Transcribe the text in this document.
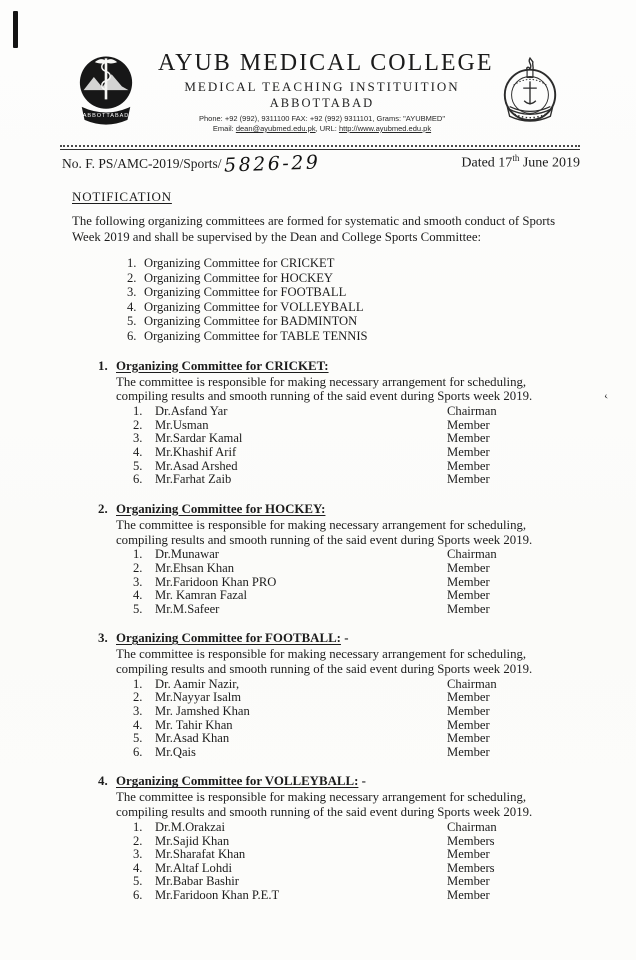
‹
ABBOTTABAD
AYUB MEDICAL COLLEGE
MEDICAL TEACHING INSTITUITION
ABBOTTABAD
Phone: +92 (992), 9311100 FAX: +92 (992) 9311101, Grams: "AYUBMED"
Email: dean@ayubmed.edu.pk, URL: http://www.ayubmed.edu.pk
No. F. PS/AMC-2019/Sports/ 5826-29	Dated 17th June 2019
NOTIFICATION
The following organizing committees are formed for systematic and smooth conduct of Sports Week 2019 and shall be supervised by the Dean and College Sports Committee:
1. Organizing Committee for CRICKET
2. Organizing Committee for HOCKEY
3. Organizing Committee for FOOTBALL
4. Organizing Committee for VOLLEYBALL
5. Organizing Committee for BADMINTON
6. Organizing Committee for TABLE TENNIS
1. Organizing Committee for CRICKET:
The committee is responsible for making necessary arrangement for scheduling, compiling results and smooth running of the said event during Sports week 2019.
1. Dr.Asfand Yar	Chairman
2. Mr.Usman	Member
3. Mr.Sardar Kamal	Member
4. Mr.Khashif Arif	Member
5. Mr.Asad Arshed	Member
6. Mr.Farhat Zaib	Member
2. Organizing Committee for HOCKEY:
The committee is responsible for making necessary arrangement for scheduling, compiling results and smooth running of the said event during Sports week 2019.
1. Dr.Munawar	Chairman
2. Mr.Ehsan Khan	Member
3. Mr.Faridoon Khan PRO	Member
4. Mr. Kamran Fazal	Member
5. Mr.M.Safeer	Member
3. Organizing Committee for FOOTBALL: -
The committee is responsible for making necessary arrangement for scheduling, compiling results and smooth running of the said event during Sports week 2019.
1. Dr. Aamir Nazir,	Chairman
2. Mr.Nayyar Isalm	Member
3. Mr. Jamshed Khan	Member
4. Mr. Tahir Khan	Member
5. Mr.Asad Khan	Member
6. Mr.Qais	Member
4. Organizing Committee for VOLLEYBALL: -
The committee is responsible for making necessary arrangement for scheduling, compiling results and smooth running of the said event during Sports week 2019.
1. Dr.M.Orakzai	Chairman
2. Mr.Sajid Khan	Members
3. Mr.Sharafat Khan	Member
4. Mr.Altaf Lohdi	Members
5. Mr.Babar Bashir	Member
6. Mr.Faridoon Khan P.E.T	Member
